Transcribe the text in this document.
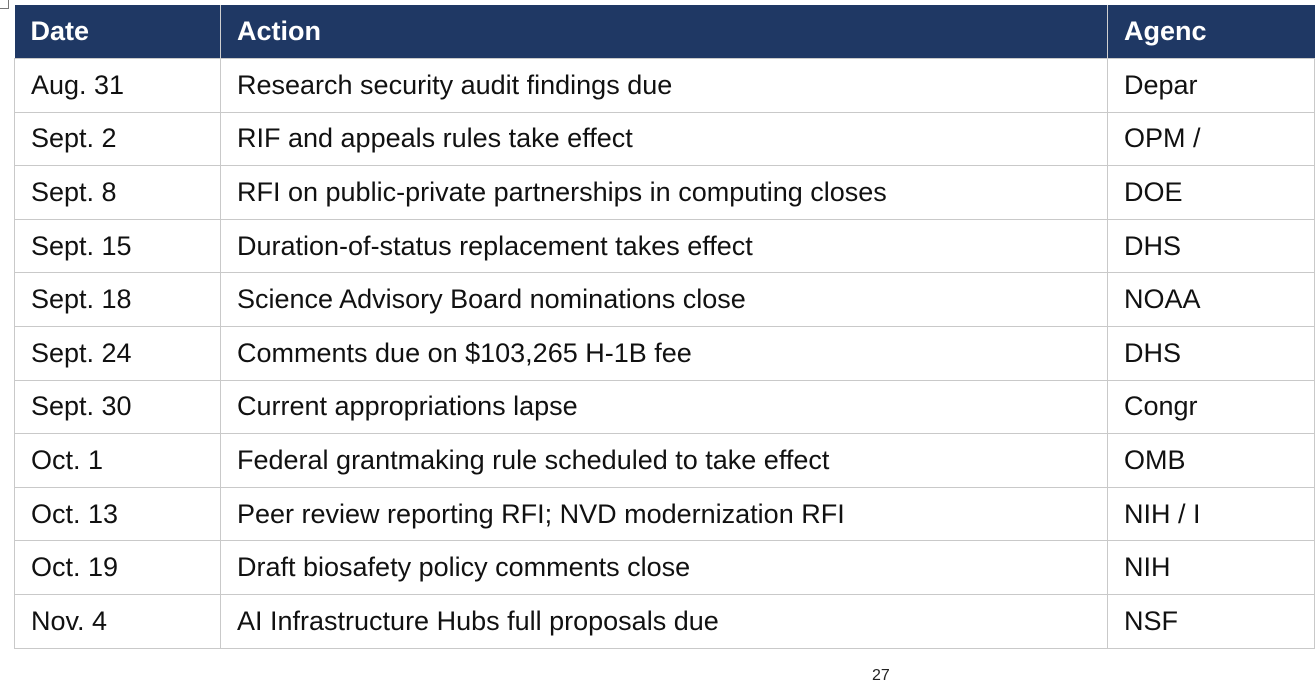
Date	Action	Agenc
Aug. 31	Research security audit findings due	Depar
Sept. 2	RIF and appeals rules take effect	OPM /
Sept. 8	RFI on public-private partnerships in computing closes	DOE
Sept. 15	Duration-of-status replacement takes effect	DHS
Sept. 18	Science Advisory Board nominations close	NOAA
Sept. 24	Comments due on $103,265 H-1B fee	DHS
Sept. 30	Current appropriations lapse	Congr
Oct. 1	Federal grantmaking rule scheduled to take effect	OMB
Oct. 13	Peer review reporting RFI; NVD modernization RFI	NIH / I
Oct. 19	Draft biosafety policy comments close	NIH
Nov. 4	AI Infrastructure Hubs full proposals due	NSF
27
